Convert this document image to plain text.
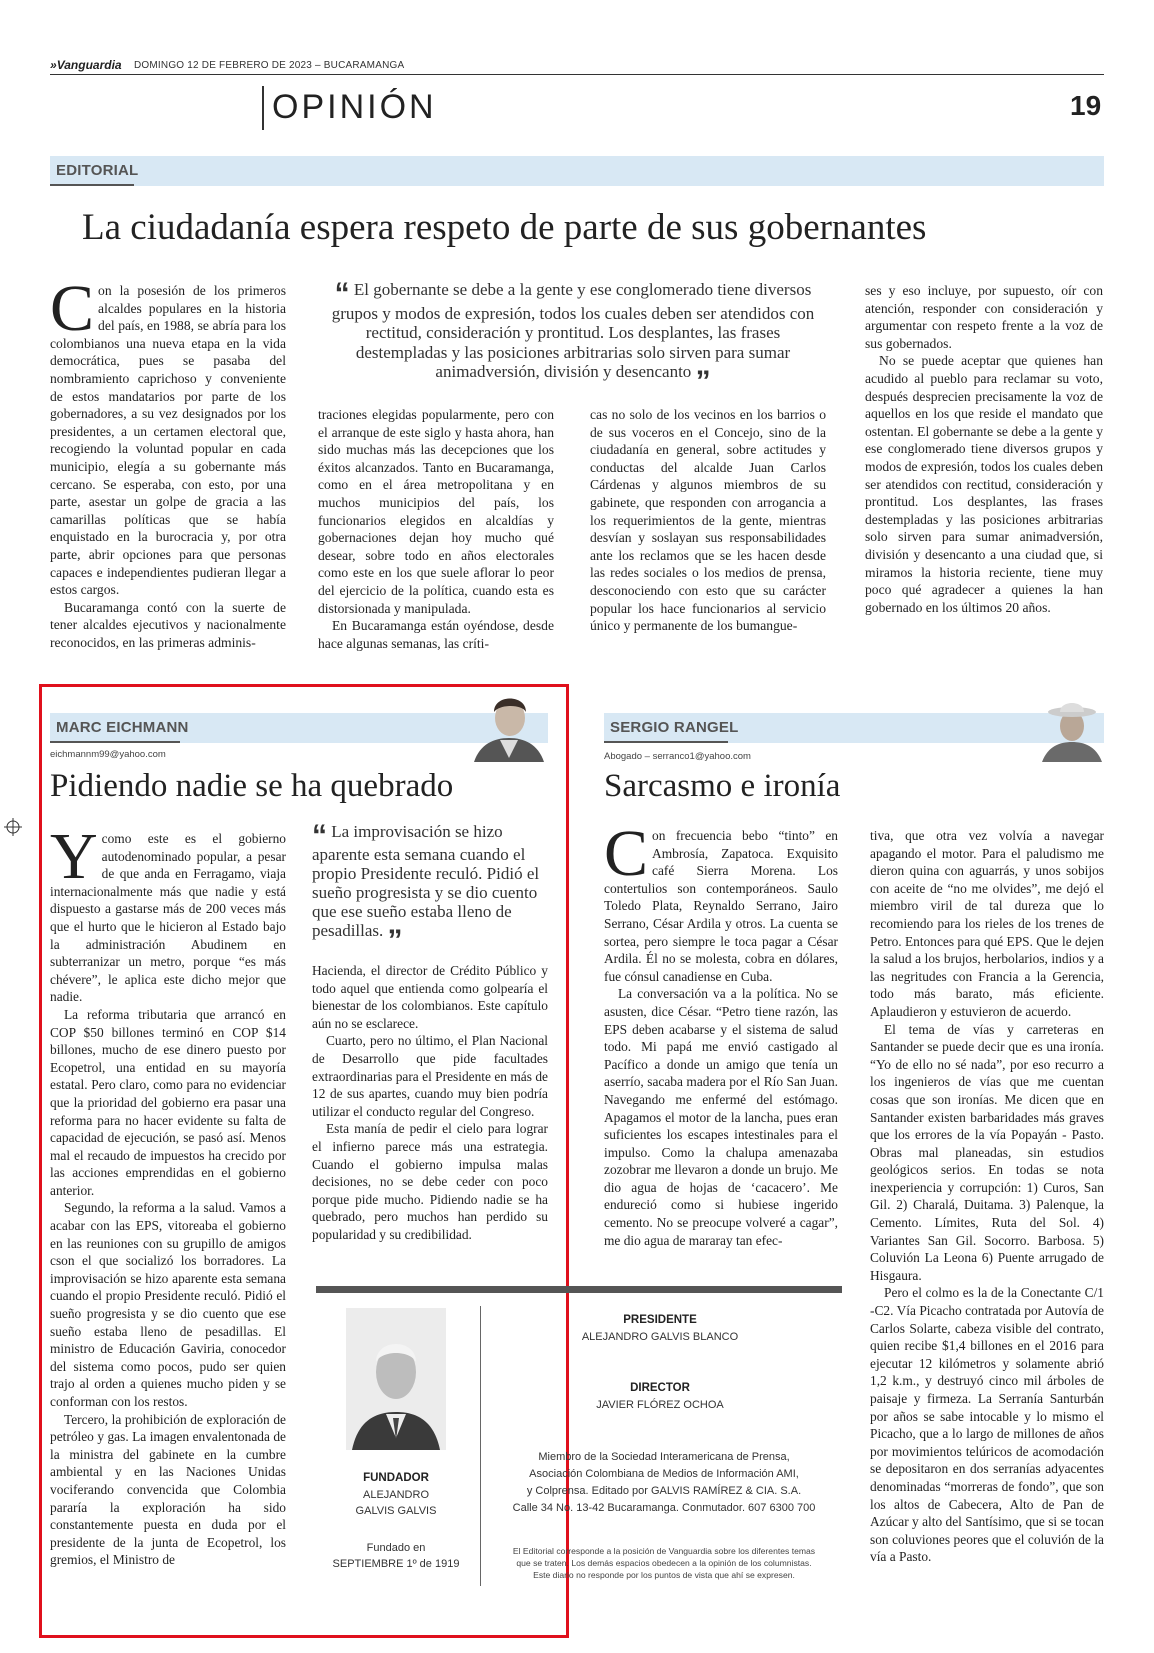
»Vanguardia DOMINGO 12 DE FEBRERO DE 2023 – BUCARAMANGA
OPINIÓN	19
EDITORIAL
La ciudadanía espera respeto de parte de sus gobernantes

Con la posesión de los primeros alcaldes populares en la historia del país, en 1988, se abría para los colombianos una nueva etapa en la vida democrática, pues se pasaba del nombramiento caprichoso y conveniente de estos mandatarios por parte de los gobernadores, a su vez designados por los presidentes, a un certamen electoral que, recogiendo la voluntad popular en cada municipio, elegía a su gobernante más cercano. Se esperaba, con esto, por una parte, asestar un golpe de gracia a las camarillas políticas que se había enquistado en la burocracia y, por otra parte, abrir opciones para que personas capaces e independientes pudieran llegar a estos cargos.

Bucaramanga contó con la suerte de tener alcaldes ejecutivos y nacionalmente reconocidos, en las primeras adminis-

“ El gobernante se debe a la gente y ese conglomerado tiene diversos grupos y modos de expresión, todos los cuales deben ser atendidos con rectitud, consideración y prontitud. Los desplantes, las frases destempladas y las posiciones arbitrarias solo sirven para sumar animadversión, división y desencanto ”

traciones elegidas popularmente, pero con el arranque de este siglo y hasta ahora, han sido muchas más las decepciones que los éxitos alcanzados. Tanto en Bucaramanga, como en el área metropolitana y en muchos municipios del país, los funcionarios elegidos en alcaldías y gobernaciones dejan hoy mucho qué desear, sobre todo en años electorales como este en los que suele aflorar lo peor del ejercicio de la política, cuando esta es distorsionada y manipulada.

En Bucaramanga están oyéndose, desde hace algunas semanas, las críti-

cas no solo de los vecinos en los barrios o de sus voceros en el Concejo, sino de la ciudadanía en general, sobre actitudes y conductas del alcalde Juan Carlos Cárdenas y algunos miembros de su gabinete, que responden con arrogancia a los requerimientos de la gente, mientras desvían y soslayan sus responsabilidades ante los reclamos que se les hacen desde las redes sociales o los medios de prensa, desconociendo con esto que su carácter popular los hace funcionarios al servicio único y permanente de los bumangue-

ses y eso incluye, por supuesto, oír con atención, responder con consideración y argumentar con respeto frente a la voz de sus gobernados.

No se puede aceptar que quienes han acudido al pueblo para reclamar su voto, después desprecien precisamente la voz de aquellos en los que reside el mandato que ostentan. El gobernante se debe a la gente y ese conglomerado tiene diversos grupos y modos de expresión, todos los cuales deben ser atendidos con rectitud, consideración y prontitud. Los desplantes, las frases destempladas y las posiciones arbitrarias solo sirven para sumar animadversión, división y desencanto a una ciudad que, si miramos la historia reciente, tiene muy poco qué agradecer a quienes la han gobernado en los últimos 20 años.

MARC EICHMANN
eichmannm99@yahoo.com
Pidiendo nadie se ha quebrado

Ycomo este es el gobierno autodenominado popular, a pesar de que anda en Ferragamo, viaja internacionalmente más que nadie y está dispuesto a gastarse más de 200 veces más que el hurto que le hicieron al Estado bajo la administración Abudinem en subterranizar un metro, porque “es más chévere”, le aplica este dicho mejor que nadie.

La reforma tributaria que arrancó en COP $50 billones terminó en COP $14 billones, mucho de ese dinero puesto por Ecopetrol, una entidad en su mayoría estatal. Pero claro, como para no evidenciar que la prioridad del gobierno era pasar una reforma para no hacer evidente su falta de capacidad de ejecución, se pasó así. Menos mal el recaudo de impuestos ha crecido por las acciones emprendidas en el gobierno anterior.

Segundo, la reforma a la salud. Vamos a acabar con las EPS, vitoreaba el gobierno en las reuniones con su grupillo de amigos cson el que socializó los borradores. La improvisación se hizo aparente esta semana cuando el propio Presidente reculó. Pidió el sueño progresista y se dio cuento que ese sueño estaba lleno de pesadillas. El ministro de Educación Gaviria, conocedor del sistema como pocos, pudo ser quien trajo al orden a quienes mucho piden y se conforman con los restos.

Tercero, la prohibición de exploración de petróleo y gas. La imagen envalentonada de la ministra del gabinete en la cumbre ambiental y en las Naciones Unidas vociferando convencida que Colombia pararía la exploración ha sido constantemente puesta en duda por el presidente de la junta de Ecopetrol, los gremios, el Ministro de

“ La improvisación se hizo aparente esta semana cuando el propio Presidente reculó. Pidió el sueño progresista y se dio cuento que ese sueño estaba lleno de pesadillas. ”

Hacienda, el director de Crédito Público y todo aquel que entienda como golpearía el bienestar de los colombianos. Este capítulo aún no se esclarece.

Cuarto, pero no último, el Plan Nacional de Desarrollo que pide facultades extraordinarias para el Presidente en más de 12 de sus apartes, cuando muy bien podría utilizar el conducto regular del Congreso.

Esta manía de pedir el cielo para lograr el infierno parece más una estrategia. Cuando el gobierno impulsa malas decisiones, no se debe ceder con poco porque pide mucho. Pidiendo nadie se ha quebrado, pero muchos han perdido su popularidad y su credibilidad.

SERGIO RANGEL
Abogado – serranco1@yahoo.com
Sarcasmo e ironía

Con frecuencia bebo “tinto” en Ambrosía, Zapatoca. Exquisito café Sierra Morena. Los contertulios son contemporáneos. Saulo Toledo Plata, Reynaldo Serrano, Jairo Serrano, César Ardila y otros. La cuenta se sortea, pero siempre le toca pagar a César Ardila. Él no se molesta, cobra en dólares, fue cónsul canadiense en Cuba.

La conversación va a la política. No se asusten, dice César. “Petro tiene razón, las EPS deben acabarse y el sistema de salud todo. Mi papá me envió castigado al Pacífico a donde un amigo que tenía un aserrío, sacaba madera por el Río San Juan. Navegando me enfermé del estómago. Apagamos el motor de la lancha, pues eran suficientes los escapes intestinales para el impulso. Como la chalupa amenazaba zozobrar me llevaron a donde un brujo. Me dio agua de hojas de ‘cacacero’. Me endureció como si hubiese ingerido cemento. No se preocupe volveré a cagar”, me dio agua de mararay tan efec-

tiva, que otra vez volvía a navegar apagando el motor. Para el paludismo me dieron quina con aguarrás, y unos sobijos con aceite de “no me olvides”, me dejó el miembro viril de tal dureza que lo recomiendo para los rieles de los trenes de Petro. Entonces para qué EPS. Que le dejen la salud a los brujos, herbolarios, indios y a las negritudes con Francia a la Gerencia, todo más barato, más eficiente. Aplaudieron y estuvieron de acuerdo.

El tema de vías y carreteras en Santander se puede decir que es una ironía. “Yo de ello no sé nada”, por eso recurro a los ingenieros de vías que me cuentan cosas que son ironías. Me dicen que en Santander existen barbaridades más graves que los errores de la vía Popayán - Pasto. Obras mal planeadas, sin estudios geológicos serios. En todas se nota inexperiencia y corrupción: 1) Curos, San Gil. 2) Charalá, Duitama. 3) Palenque, la Cemento. Límites, Ruta del Sol. 4) Variantes San Gil. Socorro. Barbosa. 5) Coluvión La Leona 6) Puente arrugado de Hisgaura.

Pero el colmo es la de la Conectante C/1 -C2. Vía Picacho contratada por Autovía de Carlos Solarte, cabeza visible del contrato, quien recibe $1,4 billones en el 2016 para ejecutar 12 kilómetros y solamente abrió 1,2 k.m., y destruyó cinco mil árboles de paisaje y firmeza. La Serranía Santurbán por años se sabe intocable y lo mismo el Picacho, que a lo largo de millones de años por movimientos telúricos de acomodación se depositaron en dos serranías adyacentes denominadas “morreras de fondo”, que son los altos de Cabecera, Alto de Pan de Azúcar y alto del Santísimo, que si se tocan son coluviones peores que el coluvión de la vía a Pasto.

FUNDADOR
ALEJANDRO
GALVIS GALVIS
Fundado en
SEPTIEMBRE 1º de 1919
PRESIDENTE
ALEJANDRO GALVIS BLANCO
DIRECTOR
JAVIER FLÓREZ OCHOA
Miembro de la Sociedad Interamericana de Prensa,
Asociación Colombiana de Medios de Información AMI,
y Colprensa. Editado por GALVIS RAMÍREZ & CIA. S.A.
Calle 34 No. 13-42 Bucaramanga. Conmutador. 607 6300 700
El Editorial corresponde a la posición de Vanguardia sobre los diferentes temas
que se traten. Los demás espacios obedecen a la opinión de los columnistas.
Este diario no responde por los puntos de vista que ahí se expresen.
